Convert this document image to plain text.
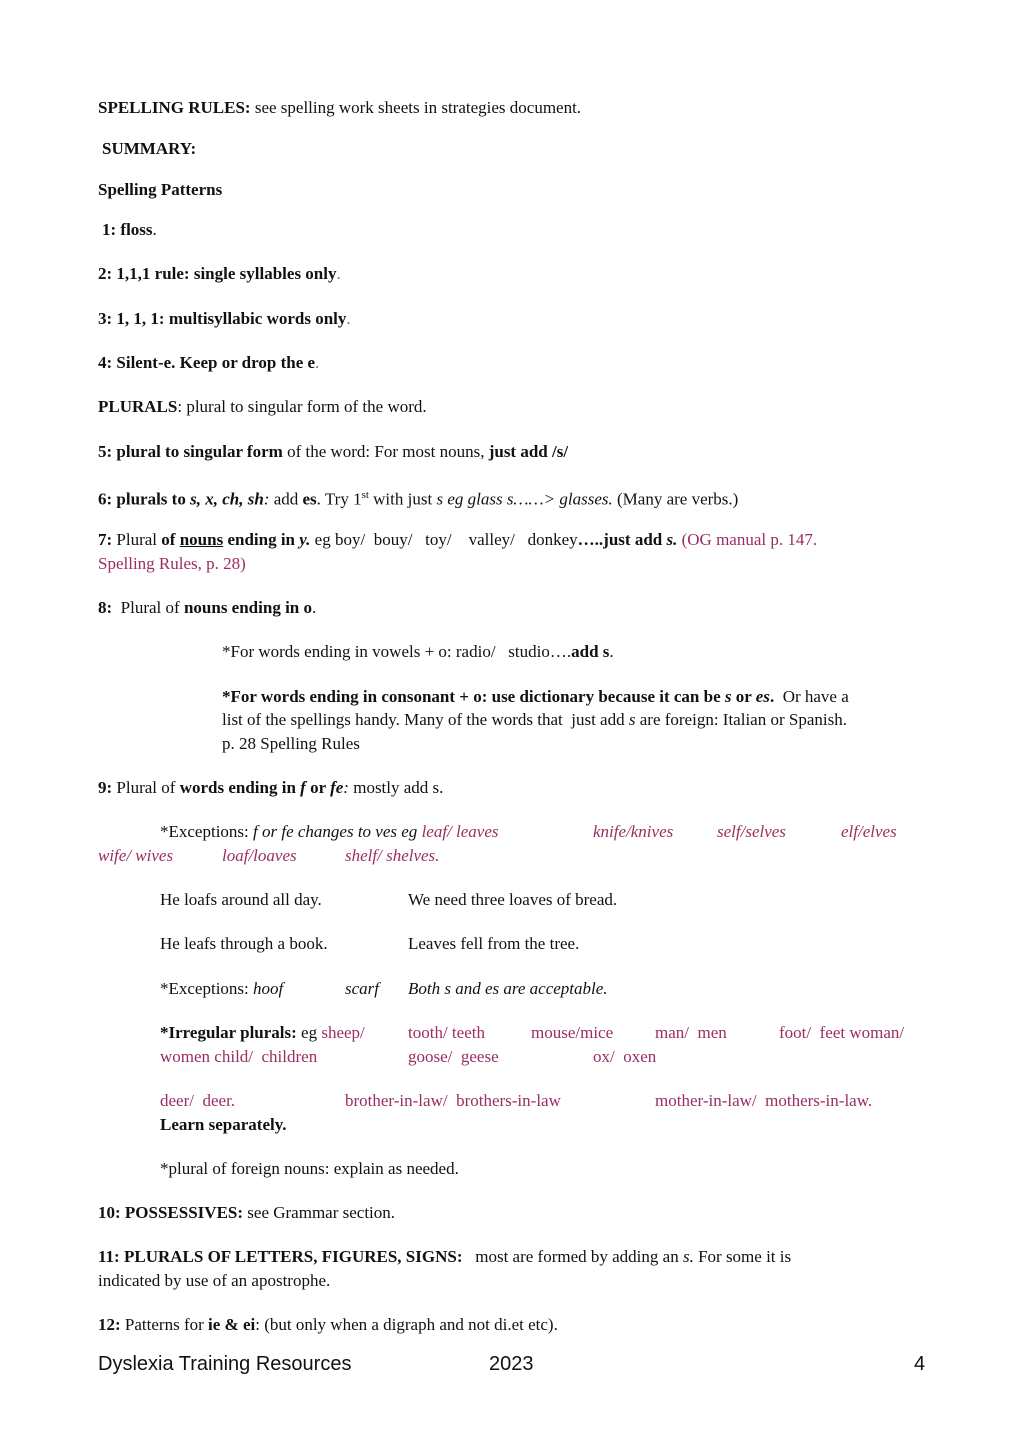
SPELLING RULES: see spelling work sheets in strategies document.
SUMMARY:
Spelling Patterns
1: floss.
2: 1,1,1 rule: single syllables only.
3: 1, 1, 1: multisyllabic words only.
4: Silent-e. Keep or drop the e.
PLURALS: plural to singular form of the word.
5: plural to singular form of the word: For most nouns, just add /s/
6: plurals to s, x, ch, sh: add es. Try 1st with just s eg glass s……> glasses. (Many are verbs.)
7: Plural of nouns ending in y. eg boy/  bouy/   toy/    valley/   donkey…..just add s. (OG manual p. 147.
Spelling Rules, p. 28)
8:  Plural of nouns ending in o.
*For words ending in vowels + o: radio/   studio….add s.
*For words ending in consonant + o: use dictionary because it can be s or es.  Or have a
list of the spellings handy. Many of the words that  just add s are foreign: Italian or Spanish.
p. 28 Spelling Rules
9: Plural of words ending in f or fe: mostly add s.
*Exceptions: f or fe changes to ves eg leaf/ leaves	knife/knives	self/selves	elf/elves
wife/ wives	loaf/loaves	shelf/ shelves.
He loafs around all day.	We need three loaves of bread.
He leafs through a book.	Leaves fell from the tree.
*Exceptions: hoof	scarf Both s and es are acceptable.
*Irregular plurals: eg sheep/	tooth/ teeth	mouse/mice man/  men	foot/  feet woman/
women child/  children	goose/  geese	ox/  oxen
deer/  deer.	brother-in-law/  brothers-in-law	mother-in-law/  mothers-in-law.
Learn separately.
*plural of foreign nouns: explain as needed.
10: POSSESSIVES: see Grammar section.
11: PLURALS OF LETTERS, FIGURES, SIGNS:   most are formed by adding an s. For some it is
indicated by use of an apostrophe.
12: Patterns for ie & ei: (but only when a digraph and not di.et etc).
Dyslexia Training Resources	2023	4
